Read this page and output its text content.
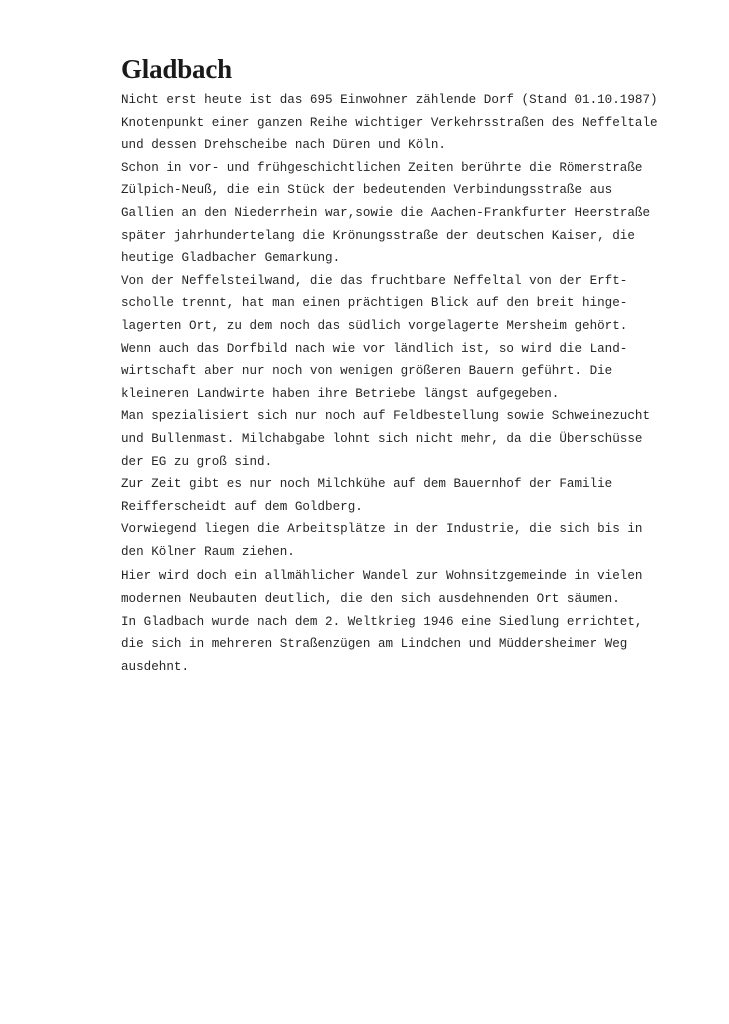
Gladbach
Nicht erst heute ist das 695 Einwohner zählende Dorf (Stand 01.10.1987)
Knotenpunkt einer ganzen Reihe wichtiger Verkehrsstraßen des Neffeltale
und dessen Drehscheibe nach Düren und Köln.
Schon in vor- und frühgeschichtlichen Zeiten berührte die Römerstraße
Zülpich-Neuß, die ein Stück der bedeutenden Verbindungsstraße aus
Gallien an den Niederrhein war,sowie die Aachen-Frankfurter Heerstraße
später jahrhundertelang die Krönungsstraße der deutschen Kaiser, die
heutige Gladbacher Gemarkung.
Von der Neffelsteilwand, die das fruchtbare Neffeltal von der Erft-
scholle trennt, hat man einen prächtigen Blick auf den breit hinge-
lagerten Ort, zu dem noch das südlich vorgelagerte Mersheim gehört.
Wenn auch das Dorfbild nach wie vor ländlich ist, so wird die Land-
wirtschaft aber nur noch von wenigen größeren Bauern geführt. Die
kleineren Landwirte haben ihre Betriebe längst aufgegeben.
Man spezialisiert sich nur noch auf Feldbestellung sowie Schweinezucht
und Bullenmast. Milchabgabe lohnt sich nicht mehr, da die Überschüsse
der EG zu groß sind.
Zur Zeit gibt es nur noch Milchkühe auf dem Bauernhof der Familie
Reifferscheidt auf dem Goldberg.
Vorwiegend liegen die Arbeitsplätze in der Industrie, die sich bis in
den Kölner Raum ziehen.
Hier wird doch ein allmählicher Wandel zur Wohnsitzgemeinde in vielen
modernen Neubauten deutlich, die den sich ausdehnenden Ort säumen.
In Gladbach wurde nach dem 2. Weltkrieg 1946 eine Siedlung errichtet,
die sich in mehreren Straßenzügen am Lindchen und Müddersheimer Weg
ausdehnt.
